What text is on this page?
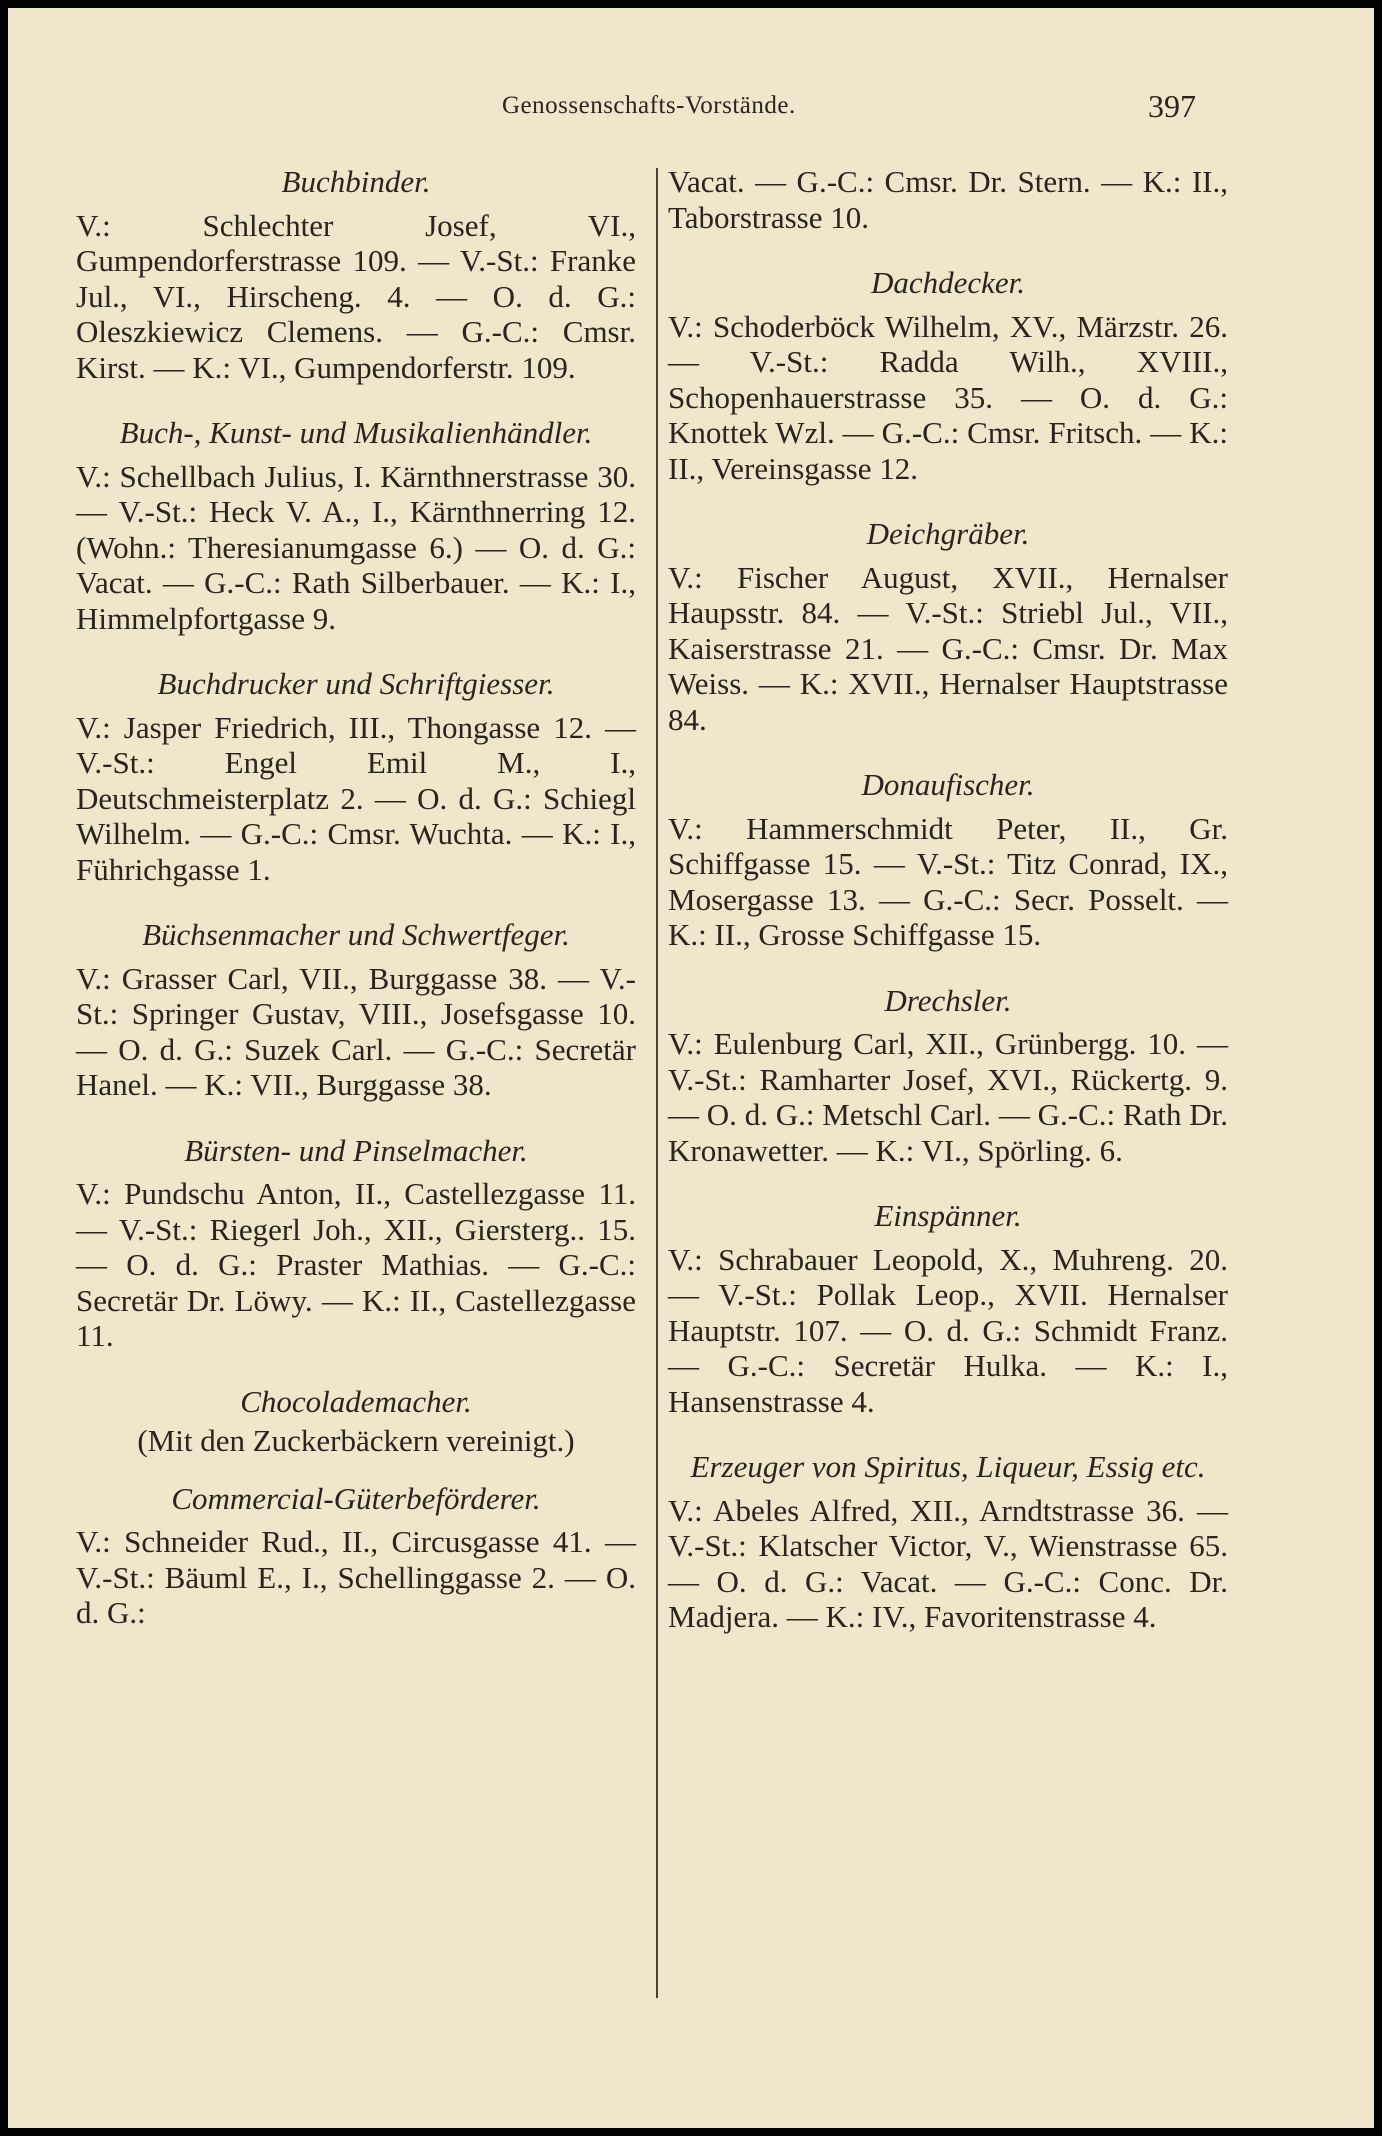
Genossenschafts-Vorstände.	397

Buchbinder.

V.: Schlechter Josef, VI., Gumpendorferstrasse 109. — V.-St.: Franke Jul., VI., Hirscheng. 4. — O. d. G.: Oleszkiewicz Clemens. — G.-C.: Cmsr. Kirst. — K.: VI., Gumpendorferstr. 109.

Buch-, Kunst- und Musikalienhändler.

V.: Schellbach Julius, I. Kärnthnerstrasse 30. — V.-St.: Heck V. A., I., Kärnthnerring 12. (Wohn.: Theresianumgasse 6.) — O. d. G.: Vacat. — G.-C.: Rath Silberbauer. — K.: I., Himmelpfortgasse 9.

Buchdrucker und Schriftgiesser.

V.: Jasper Friedrich, III., Thongasse 12. — V.-St.: Engel Emil M., I., Deutschmeisterplatz 2. — O. d. G.: Schiegl Wilhelm. — G.-C.: Cmsr. Wuchta. — K.: I., Führichgasse 1.

Büchsenmacher und Schwertfeger.

V.: Grasser Carl, VII., Burggasse 38. — V.-St.: Springer Gustav, VIII., Josefsgasse 10. — O. d. G.: Suzek Carl. — G.-C.: Secretär Hanel. — K.: VII., Burggasse 38.

Bürsten- und Pinselmacher.

V.: Pundschu Anton, II., Castellezgasse 11. — V.-St.: Riegerl Joh., XII., Giersterg.. 15. — O. d. G.: Praster Mathias. — G.-C.: Secretär Dr. Löwy. — K.: II., Castellezgasse 11.

Chocolademacher.

(Mit den Zuckerbäckern vereinigt.)

Commercial-Güterbeförderer.

V.: Schneider Rud., II., Circusgasse 41. — V.-St.: Bäuml E., I., Schellinggasse 2. — O. d. G.:

Vacat. — G.-C.: Cmsr. Dr. Stern. — K.: II., Taborstrasse 10.

Dachdecker.

V.: Schoderböck Wilhelm, XV., Märzstr. 26. — V.-St.: Radda Wilh., XVIII., Schopenhauerstrasse 35. — O. d. G.: Knottek Wzl. — G.-C.: Cmsr. Fritsch. — K.: II., Vereinsgasse 12.

Deichgräber.

V.: Fischer August, XVII., Hernalser Haupsstr. 84. — V.-St.: Striebl Jul., VII., Kaiserstrasse 21. — G.-C.: Cmsr. Dr. Max Weiss. — K.: XVII., Hernalser Hauptstrasse 84.

Donaufischer.

V.: Hammerschmidt Peter, II., Gr. Schiffgasse 15. — V.-St.: Titz Conrad, IX., Mosergasse 13. — G.-C.: Secr. Posselt. — K.: II., Grosse Schiffgasse 15.

Drechsler.

V.: Eulenburg Carl, XII., Grünbergg. 10. — V.-St.: Ramharter Josef, XVI., Rückertg. 9. — O. d. G.: Metschl Carl. — G.-C.: Rath Dr. Kronawetter. — K.: VI., Spörling. 6.

Einspänner.

V.: Schrabauer Leopold, X., Muhreng. 20. — V.-St.: Pollak Leop., XVII. Hernalser Hauptstr. 107. — O. d. G.: Schmidt Franz. — G.-C.: Secretär Hulka. — K.: I., Hansenstrasse 4.

Erzeuger von Spiritus, Liqueur, Essig etc.

V.: Abeles Alfred, XII., Arndtstrasse 36. — V.-St.: Klatscher Victor, V., Wienstrasse 65. — O. d. G.: Vacat. — G.-C.: Conc. Dr. Madjera. — K.: IV., Favoritenstrasse 4.
